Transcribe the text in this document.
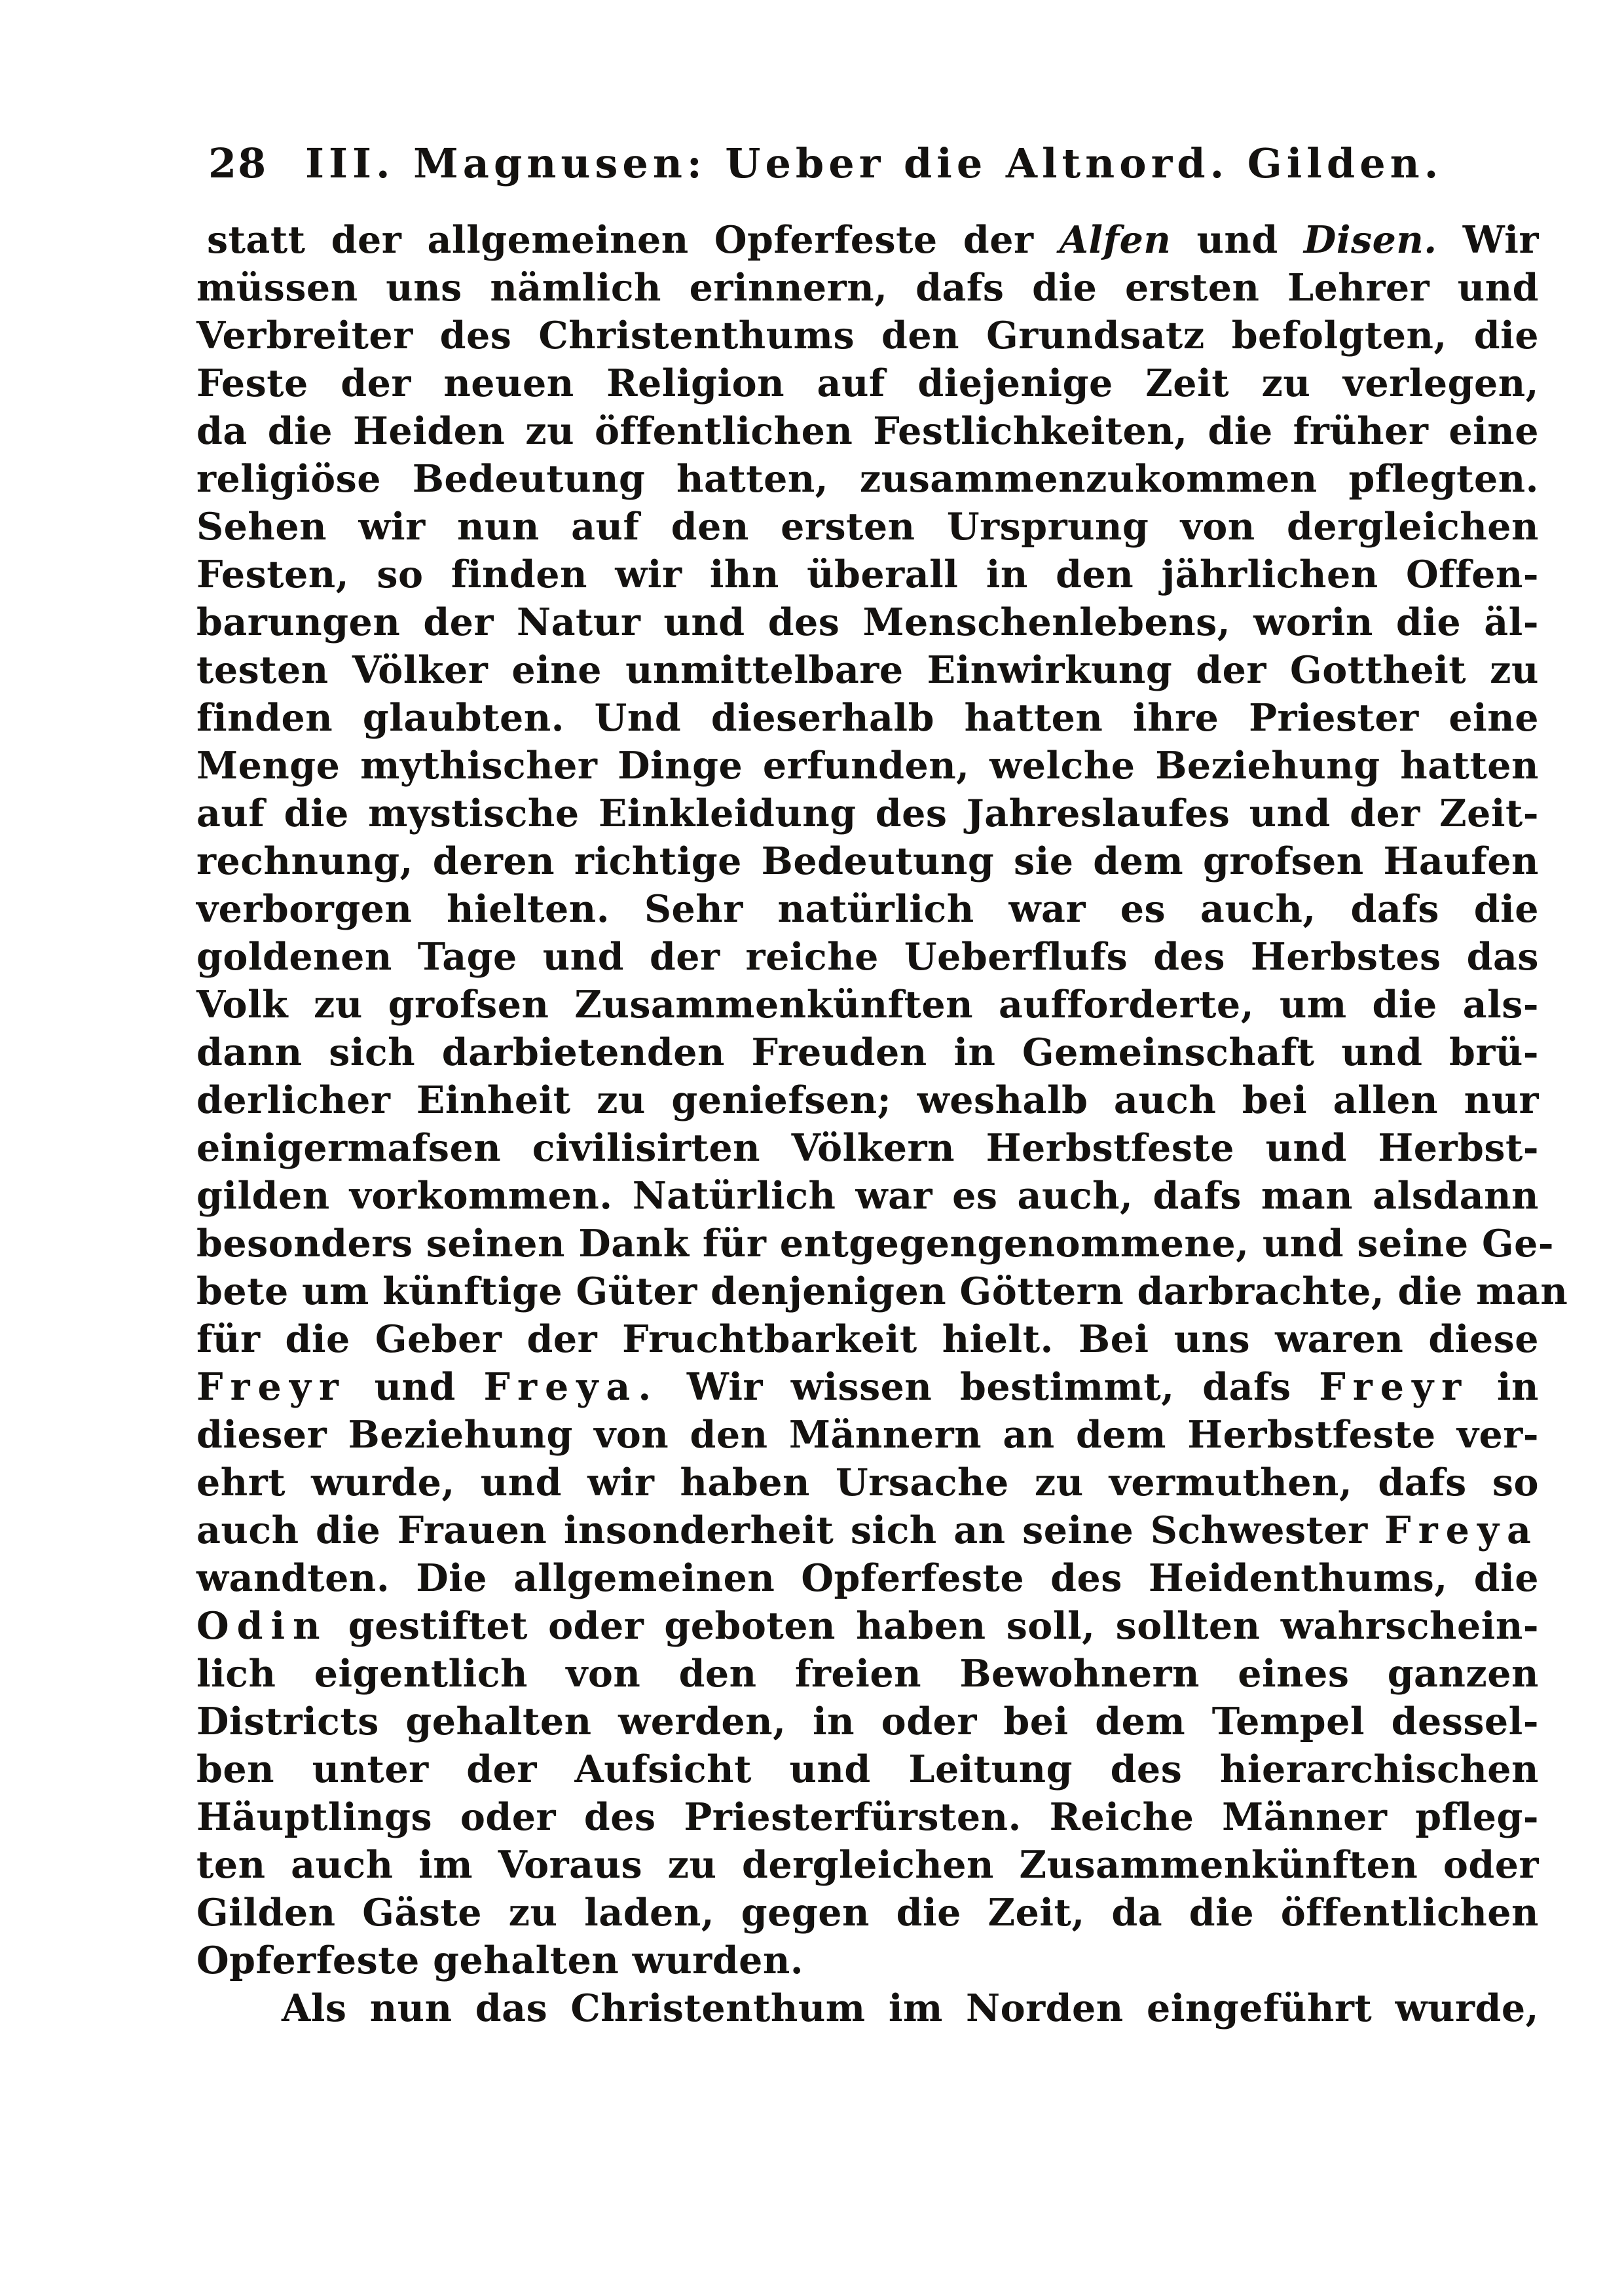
28 III. Magnusen: Ueber die Altnord. Gilden.
statt der allgemeinen Opferfeste der Alfen und Disen. Wir
müssen uns nämlich erinnern, dafs die ersten Lehrer und
Verbreiter des Christenthums den Grundsatz befolgten, die
Feste der neuen Religion auf diejenige Zeit zu verlegen,
da die Heiden zu öffentlichen Festlichkeiten, die früher eine
religiöse Bedeutung hatten, zusammenzukommen pflegten.
Sehen wir nun auf den ersten Ursprung von dergleichen
Festen, so finden wir ihn überall in den jährlichen Offen-
barungen der Natur und des Menschenlebens, worin die äl-
testen Völker eine unmittelbare Einwirkung der Gottheit zu
finden glaubten. Und dieserhalb hatten ihre Priester eine
Menge mythischer Dinge erfunden, welche Beziehung hatten
auf die mystische Einkleidung des Jahreslaufes und der Zeit-
rechnung, deren richtige Bedeutung sie dem grofsen Haufen
verborgen hielten. Sehr natürlich war es auch, dafs die
goldenen Tage und der reiche Ueberflufs des Herbstes das
Volk zu grofsen Zusammenkünften aufforderte, um die als-
dann sich darbietenden Freuden in Gemeinschaft und brü-
derlicher Einheit zu geniefsen; weshalb auch bei allen nur
einigermafsen civilisirten Völkern Herbstfeste und Herbst-
gilden vorkommen. Natürlich war es auch, dafs man alsdann
besonders seinen Dank für entgegengenommene, und seine Ge-
bete um künftige Güter denjenigen Göttern darbrachte, die man
für die Geber der Fruchtbarkeit hielt. Bei uns waren diese
Freyr und Freya. Wir wissen bestimmt, dafs Freyr in
dieser Beziehung von den Männern an dem Herbstfeste ver-
ehrt wurde, und wir haben Ursache zu vermuthen, dafs so
auch die Frauen insonderheit sich an seine Schwester Freya
wandten. Die allgemeinen Opferfeste des Heidenthums, die
Odin gestiftet oder geboten haben soll, sollten wahrschein-
lich eigentlich von den freien Bewohnern eines ganzen
Districts gehalten werden, in oder bei dem Tempel dessel-
ben unter der Aufsicht und Leitung des hierarchischen
Häuptlings oder des Priesterfürsten. Reiche Männer pfleg-
ten auch im Voraus zu dergleichen Zusammenkünften oder
Gilden Gäste zu laden, gegen die Zeit, da die öffentlichen
Opferfeste gehalten wurden.
Als nun das Christenthum im Norden eingeführt wurde,
